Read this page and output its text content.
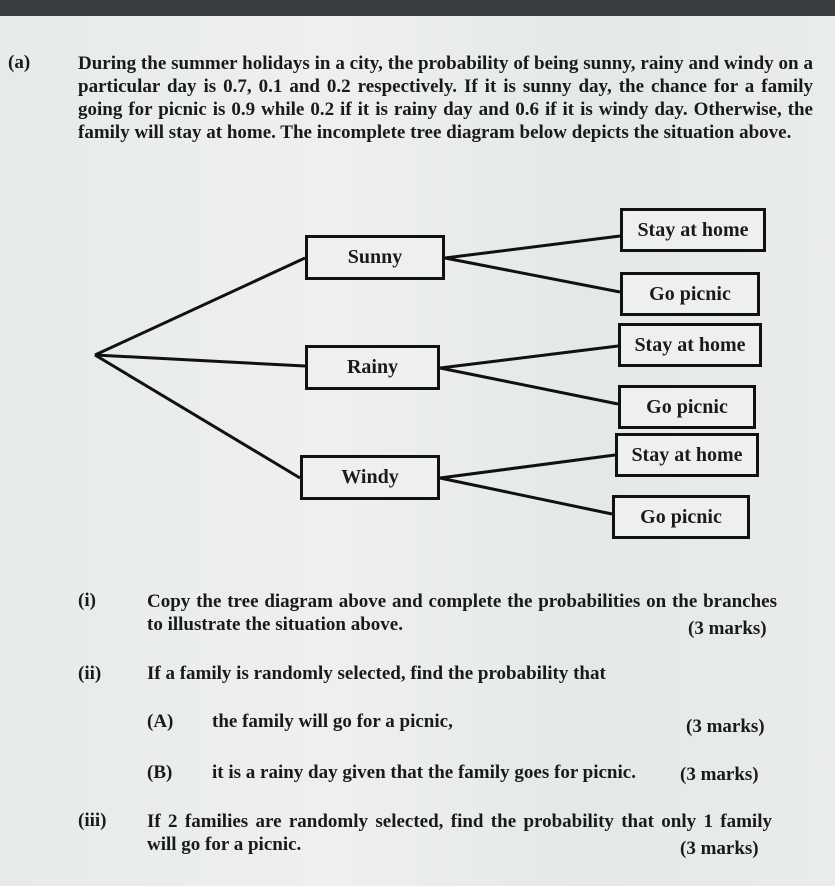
(a)	During the summer holidays in a city, the probability of being sunny, rainy and windy on a particular day is 0.7, 0.1 and 0.2 respectively. If it is sunny day, the chance for a family going for picnic is 0.9 while 0.2 if it is rainy day and 0.6 if it is windy day. Otherwise, the family will stay at home. The incomplete tree diagram below depicts the situation above.
Sunny
Rainy
Windy
Stay at home
Go picnic
Stay at home
Go picnic
Stay at home
Go picnic
(i)	Copy the tree diagram above and complete the probabilities on the branches to illustrate the situation above.	(3 marks)
(ii) If a family is randomly selected, find the probability that
(A) the family will go for a picnic,	(3 marks)
(B) it is a rainy day given that the family goes for picnic. (3 marks)
(iii) If 2 families are randomly selected, find the probability that only 1 family will go for a picnic.	(3 marks)
